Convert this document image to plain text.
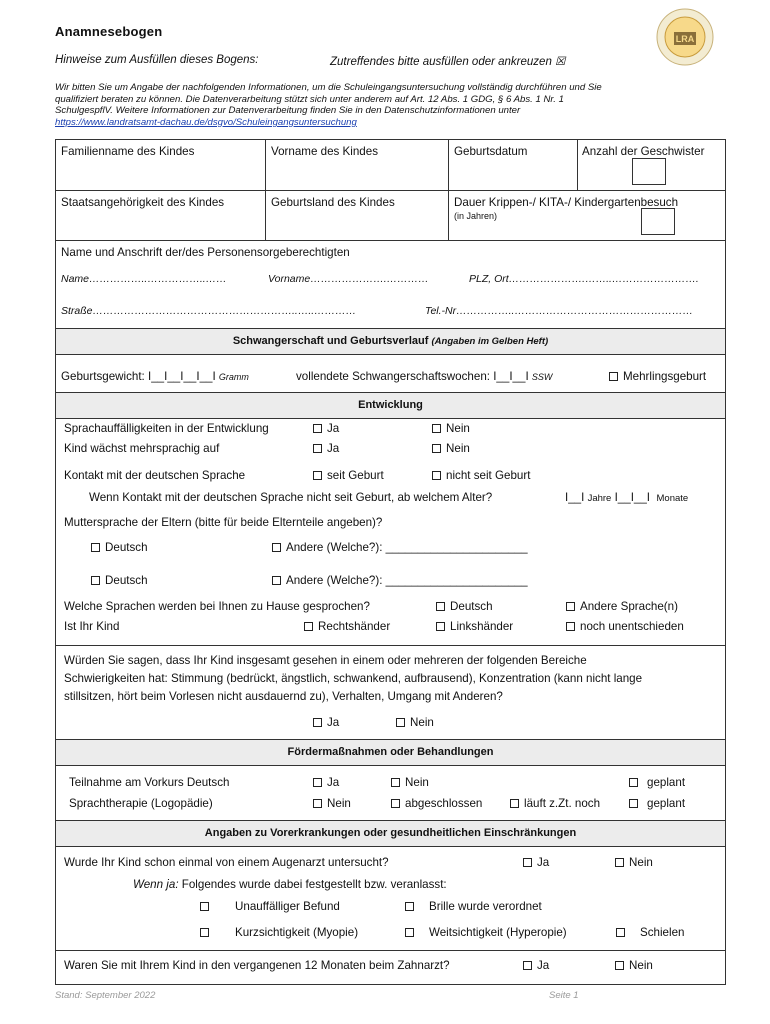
Anamnesebogen
Hinweise zum Ausfüllen dieses Bogens:	Zutreffendes bitte ausfüllen oder ankreuzen ☒
LRA
Wir bitten Sie um Angabe der nachfolgenden Informationen, um die Schuleingangsuntersuchung vollständig durchführen und Sie
qualifiziert beraten zu können. Die Datenverarbeitung stützt sich unter anderem auf Art. 12 Abs. 1 GDG, § 6 Abs. 1 Nr. 1
SchulgespflV. Weitere Informationen zur Datenverarbeitung finden Sie in den Datenschutzinformationen unter
https://www.landratsamt-dachau.de/dsgvo/Schuleingangsuntersuchung
Familienname des Kindes	Vorname des Kindes	Geburtsdatum	Anzahl der Geschwister
Staatsangehörigkeit des Kindes	Geburtsland des Kindes	Dauer Krippen-/ KITA-/ Kindergartenbesuch
(in Jahren)
Name und Anschrift der/des Personensorgeberechtigten
Name……………..……………..……	Vorname………………….…………	PLZ, Ort………………….……..…………………….
Straße…………………………………………………..…..…………	Tel.-Nr……………..……………………………………………
Schwangerschaft und Geburtsverlauf (Angaben im Gelben Heft)
Geburtsgewicht: I__I__I__I__I Gramm	vollendete Schwangerschaftswochen: I__I__I SSW	Mehrlingsgeburt
Entwicklung
Sprachauffälligkeiten in der Entwicklung	Ja	Nein
Kind wächst mehrsprachig auf	Ja	Nein
Kontakt mit der deutschen Sprache	seit Geburt	nicht seit Geburt
Wenn Kontakt mit der deutschen Sprache nicht seit Geburt, ab welchem Alter?	I__I Jahre I__I__I Monate
Muttersprache der Eltern (bitte für beide Elternteile angeben)?
Deutsch	Andere (Welche?): ______________________
Deutsch	Andere (Welche?): ______________________
Welche Sprachen werden bei Ihnen zu Hause gesprochen?	Deutsch	Andere Sprache(n)
Ist Ihr Kind	Rechtshänder	Linkshänder	noch unentschieden
Würden Sie sagen, dass Ihr Kind insgesamt gesehen in einem oder mehreren der folgenden Bereiche
Schwierigkeiten hat: Stimmung (bedrückt, ängstlich, schwankend, aufbrausend), Konzentration (kann nicht lange
stillsitzen, hört beim Vorlesen nicht ausdauernd zu), Verhalten, Umgang mit Anderen?
Ja	Nein
Fördermaßnahmen oder Behandlungen
Teilnahme am Vorkurs Deutsch	Ja	Nein	geplant
Sprachtherapie (Logopädie)	Nein	abgeschlossen	läuft z.Zt. noch	geplant
Angaben zu Vorerkrankungen oder gesundheitlichen Einschränkungen
Wurde Ihr Kind schon einmal von einem Augenarzt untersucht?	Ja	Nein
Wenn ja: Folgendes wurde dabei festgestellt bzw. veranlasst:
Unauffälliger Befund	Brille wurde verordnet
Kurzsichtigkeit (Myopie)	Weitsichtigkeit (Hyperopie)	Schielen
Waren Sie mit Ihrem Kind in den vergangenen 12 Monaten beim Zahnarzt?	Ja	Nein
Stand: September 2022	Seite 1
